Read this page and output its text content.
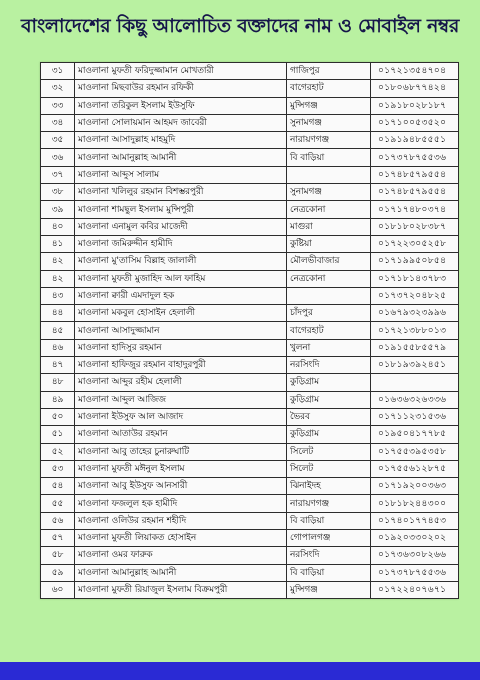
বাংলাদেশের কিছু আলোচিত বক্তাদের নাম ও মোবাইল নম্বর
৩১	মাওলানা মুফতী ফরিদুজ্জামান মোখতারী	গাজিপুর	০১৭২১৩৫৪৭০৪
৩২	মাওলানা মিছবাউর রহমান রফিকী	বাগেরহাট	০১৮০৬৮৭৭৪২৪
৩৩	মাওলানা তরিকুল ইসলাম ইউসুফি	মুন্সিগঞ্জ	০১৯১৮০২৮১৮৭
৩৪	মাওলানা সোলায়মান আহমদ জাবেরী	সুনামগঞ্জ	০১৭১০০৫৩৫২০
৩৫	মাওলানা আসাদুল্লাহ মাহমুদি	নারায়ণগঞ্জ	০১৯১৯৪৮৫৫৫১
৩৬	মাওলানা আমানুল্লাহ আমানী	বি বাড়িয়া	০১৭৩৭৮৭৫৫৩৬
৩৭	মাওলানা আব্দুস সালাম		০১৭৪৮৫৭৯৫৫৪
৩৮	মাওলানা খলিলুর রহমান বিশম্ভরপুরী	সুনামগঞ্জ	০১৭৪৮৫৭৯৫৫৪
৩৯	মাওলানা শামছুল ইসলাম মুন্সিপুরী	নেত্রকোনা	০১৭১৭৪৮০৩৭৪
৪০	মাওলানা এনামুল কবির মাজেদী	মাগুরা	০১৮১৮০২৮৩৮৭
৪১	মাওলানা জমিরুদ্দীন হামীদি	কুষ্টিয়া	০১৭২২৩০৫২৫৮
৪২	মাওলানা মু'তাসিম বিল্লাহ জালালী	মৌলভীবাজার	০১৭১৯৯৫০৮৫৪
৪২	মাওলানা মুফতী মুজাহিদ আল ফাহিম	নেত্রকোনা	০১৭১৮১৪৩৭৮৩
৪৩	মাওলানা ক্বারী এমদাদুল হক		০১৭৩৭২০৪৮২৫
৪৪	মাওলানা মকবুল হোসাইন হেলালী	চাঁদপুর	০১৬৭৯৩২৩৯৯৬
৪৫	মাওলানা আসাদুজ্জামান	বাগেরহাট	০১৭২১৩৮৮০১৩
৪৬	মাওলানা হাদিসুর রহমান	খুলনা	০১৯১৫৫৮৫৫৭৯
৪৭	মাওলানা হাফিজুর রহমান বাহাদুরপুরী	নরসিংদি	০১৮১৯৩৯২৪৫১
৪৮	মাওলানা আব্দুর রহীম হেলালী	কুড়িগ্রাম	
৪৯	মাওলানা আব্দুল আজিজ	কুড়িগ্রাম	০১৬৩৬৩২৬৩৩৬
৫০	মাওলানা ইউসুফ আল আজাদ	ভৈরব	০১৭১১২৩১৫৩৬
৫১	মাওলানা আতাউর রহমান	কুড়িগ্রাম	০১৯৫০৪১৭৭৮৫
৫২	মাওলানা আবু তাহের চুনারুঘাটি	সিলেট	০১৭৫৫৩৯৫৩৫৮
৫৩	মাওলানা মুফতী মঈনুল ইসলাম	সিলেট	০১৭৫৫৬১২৮৭৫
৫৪	মাওলানা আবু ইউসুফ আনসারী	ঝিনাইদহ	০১৭১৯২০০৩৬৩
৫৫	মাওলানা ফজলুল হক হামীদি	নারায়ণগঞ্জ	০১৮১৮২৪৪৩০০
৫৬	মাওলানা ওলিউর রহমান শহীদি	বি বাড়িয়া	০১৭৪০১৭৭৪৫৩
৫৭	মাওলানা মুফতী লিয়াকত হোসাইন	গোপালগঞ্জ	০১৯২০৩৩০২০২
৫৮	মাওলানা ওমর ফারুক	নরসিংদি	০১৭৩৬৩০৮২৬৬
৫৯	মাওলানা আমানুল্লাহ আমানী	বি বাড়িয়া	০১৭৩৭৮৭৫৫৩৬
৬০	মাওলানা মুফতী রিয়াজুল ইসলাম বিক্রমপুরী	মুন্সিগঞ্জ	০১৭২২৪০৭৬৭১
